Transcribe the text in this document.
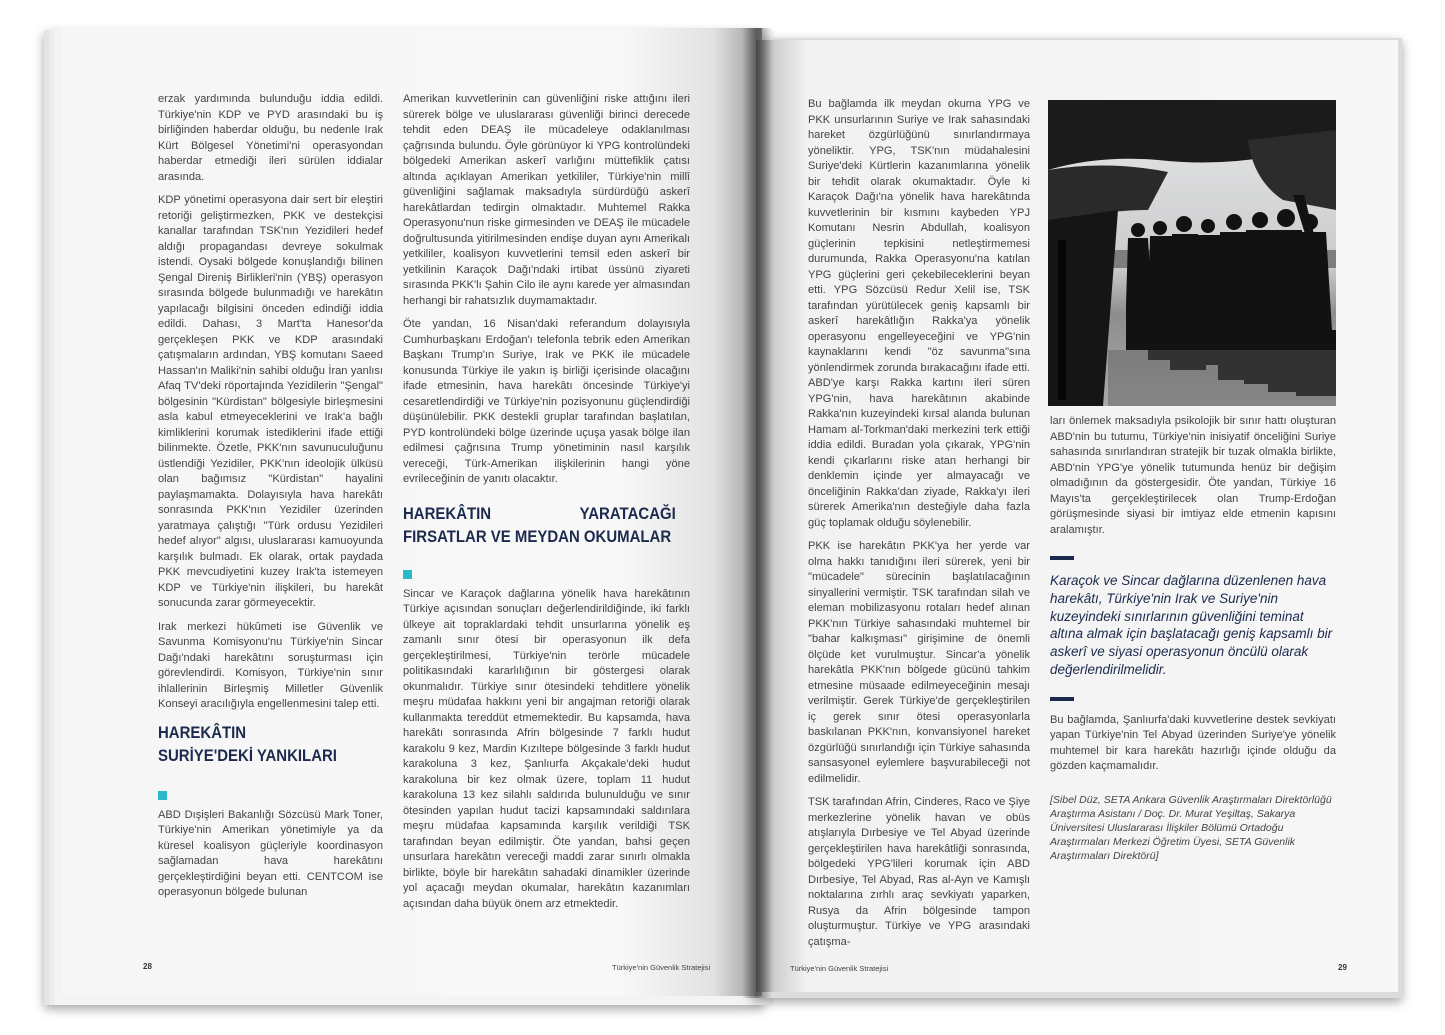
erzak yardımında bulunduğu iddia edildi. Türkiye'nin KDP ve PYD arasındaki bu iş birliğinden haberdar olduğu, bu nedenle Irak Kürt Bölgesel Yönetimi'ni operasyondan haberdar etmediği ileri sürülen iddialar arasında.

KDP yönetimi operasyona dair sert bir eleştiri retoriği geliştirmezken, PKK ve destekçisi kanallar tarafından TSK'nın Yezidileri hedef aldığı propagandası devreye sokulmak istendi. Oysaki bölgede konuşlandığı bilinen Şengal Direniş Birlikleri'nin (YBŞ) operasyon sırasında bölgede bulunmadığı ve harekâtın yapılacağı bilgisini önceden edindiği iddia edildi. Dahası, 3 Mart'ta Hanesor'da gerçekleşen PKK ve KDP arasındaki çatışmaların ardından, YBŞ komutanı Saeed Hassan'ın Maliki'nin sahibi olduğu İran yanlısı Afaq TV'deki röportajında Yezidilerin "Şengal" bölgesinin "Kürdistan" bölgesiyle birleşmesini asla kabul etmeyeceklerini ve Irak'a bağlı kimliklerini korumak istediklerini ifade ettiği bilinmekte. Özetle, PKK'nın savunuculuğunu üstlendiği Yezidiler, PKK'nın ideolojik ülküsü olan bağımsız "Kürdistan" hayalini paylaşmamakta. Dolayısıyla hava harekâtı sonrasında PKK'nın Yezidiler üzerinden yaratmaya çalıştığı "Türk ordusu Yezidileri hedef alıyor" algısı, uluslararası kamuoyunda karşılık bulmadı. Ek olarak, ortak paydada PKK mevcudiyetini kuzey Irak'ta istemeyen KDP ve Türkiye'nin ilişkileri, bu harekât sonucunda zarar görmeyecektir.

Irak merkezi hükûmeti ise Güvenlik ve Savunma Komisyonu'nu Türkiye'nin Sincar Dağı'ndaki harekâtını soruşturması için görevlendirdi. Komisyon, Türkiye'nin sınır ihlallerinin Birleşmiş Milletler Güvenlik Konseyi aracılığıyla engellenmesini talep etti.

HAREKÂTIN SURİYE'DEKİ YANKILARI

ABD Dışişleri Bakanlığı Sözcüsü Mark Toner, Türkiye'nin Amerikan yönetimiyle ya da küresel koalisyon güçleriyle koordinasyon sağlamadan hava harekâtını gerçekleştirdiğini beyan etti. CENTCOM ise operasyonun bölgede bulunan

Amerikan kuvvetlerinin can güvenliğini riske attığını ileri sürerek bölge ve uluslararası güvenliği birinci derecede tehdit eden DEAŞ ile mücadeleye odaklanılması çağrısında bulundu. Öyle görünüyor ki YPG kontrolündeki bölgedeki Amerikan askerî varlığını müttefiklik çatısı altında açıklayan Amerikan yetkililer, Türkiye'nin millî güvenliğini sağlamak maksadıyla sürdürdüğü askerî harekâtlardan tedirgin olmaktadır. Muhtemel Rakka Operasyonu'nun riske girmesinden ve DEAŞ ile mücadele doğrultusunda yitirilmesinden endişe duyan aynı Amerikalı yetkililer, koalisyon kuvvetlerini temsil eden askerî bir yetkilinin Karaçok Dağı'ndaki irtibat üssünü ziyareti sırasında PKK'lı Şahin Cilo ile aynı karede yer almasından herhangi bir rahatsızlık duymamaktadır.

Öte yandan, 16 Nisan'daki referandum dolayısıyla Cumhurbaşkanı Erdoğan'ı telefonla tebrik eden Amerikan Başkanı Trump'ın Suriye, Irak ve PKK ile mücadele konusunda Türkiye ile yakın iş birliği içerisinde olacağını ifade etmesinin, hava harekâtı öncesinde Türkiye'yi cesaretlendirdiği ve Türkiye'nin pozisyonunu güçlendirdiği düşünülebilir. PKK destekli gruplar tarafından başlatılan, PYD kontrolündeki bölge üzerinde uçuşa yasak bölge ilan edilmesi çağrısına Trump yönetiminin nasıl karşılık vereceği, Türk-Amerikan ilişkilerinin hangi yöne evrileceğinin de yanıtı olacaktır.

HAREKÂTIN YARATACAĞI FIRSATLAR VE MEYDAN OKUMALAR

Sincar ve Karaçok dağlarına yönelik hava harekâtının Türkiye açısından sonuçları değerlendirildiğinde, iki farklı ülkeye ait topraklardaki tehdit unsurlarına yönelik eş zamanlı sınır ötesi bir operasyonun ilk defa gerçekleştirilmesi, Türkiye'nin terörle mücadele politikasındaki kararlılığının bir göstergesi olarak okunmalıdır. Türkiye sınır ötesindeki tehditlere yönelik meşru müdafaa hakkını yeni bir angajman retoriği olarak kullanmakta tereddüt etmemektedir. Bu kapsamda, hava harekâtı sonrasında Afrin bölgesinde 7 farklı hudut karakolu 9 kez, Mardin Kızıltepe bölgesinde 3 farklı hudut karakoluna 3 kez, Şanlıurfa Akçakale'deki hudut karakoluna bir kez olmak üzere, toplam 11 hudut karakoluna 13 kez silahlı saldırıda bulunulduğu ve sınır ötesinden yapılan hudut tacizi kapsamındaki saldırılara meşru müdafaa kapsamında karşılık verildiği TSK tarafından beyan edilmiştir. Öte yandan, bahsi geçen unsurlara harekâtın vereceği maddi zarar sınırlı olmakla birlikte, böyle bir harekâtın sahadaki dinamikler üzerinde yol açacağı meydan okumalar, harekâtın kazanımları açısından daha büyük önem arz etmektedir.

28	Türkiye'nin Güvenlik Stratejisi

Bu bağlamda ilk meydan okuma YPG ve PKK unsurlarının Suriye ve Irak sahasındaki hareket özgürlüğünü sınırlandırmaya yöneliktir. YPG, TSK'nın müdahalesini Suriye'deki Kürtlerin kazanımlarına yönelik bir tehdit olarak okumaktadır. Öyle ki Karaçok Dağı'na yönelik hava harekâtında kuvvetlerinin bir kısmını kaybeden YPJ Komutanı Nesrin Abdullah, koalisyon güçlerinin tepkisini netleştirmemesi durumunda, Rakka Operasyonu'na katılan YPG güçlerini geri çekebileceklerini beyan etti. YPG Sözcüsü Redur Xelil ise, TSK tarafından yürütülecek geniş kapsamlı bir askerî harekâtlığın Rakka'ya yönelik operasyonu engelleyeceğini ve YPG'nin kaynaklarını kendi "öz savunma"sına yönlendirmek zorunda bırakacağını ifade etti. ABD'ye karşı Rakka kartını ileri süren YPG'nin, hava harekâtının akabinde Rakka'nın kuzeyindeki kırsal alanda bulunan Hamam al-Torkman'daki merkezini terk ettiği iddia edildi. Buradan yola çıkarak, YPG'nin kendi çıkarlarını riske atan herhangi bir denklemin içinde yer almayacağı ve önceliğinin Rakka'dan ziyade, Rakka'yı ileri sürerek Amerika'nın desteğiyle daha fazla güç toplamak olduğu söylenebilir.

PKK ise harekâtın PKK'ya her yerde var olma hakkı tanıdığını ileri sürerek, yeni bir "mücadele" sürecinin başlatılacağının sinyallerini vermiştir. TSK tarafından silah ve eleman mobilizasyonu rotaları hedef alınan PKK'nın Türkiye sahasındaki muhtemel bir "bahar kalkışması" girişimine de önemli ölçüde ket vurulmuştur. Sincar'a yönelik harekâtla PKK'nın bölgede gücünü tahkim etmesine müsaade edilmeyeceğinin mesajı verilmiştir. Gerek Türkiye'de gerçekleştirilen iç gerek sınır ötesi operasyonlarla baskılanan PKK'nın, konvansiyonel hareket özgürlüğü sınırlandığı için Türkiye sahasında sansasyonel eylemlere başvurabileceği not edilmelidir.

TSK tarafından Afrin, Cinderes, Raco ve Şiye merkezlerine yönelik havan ve obüs atışlarıyla Dırbesiye ve Tel Abyad üzerinde gerçekleştirilen hava harekâtliği sonrasında, bölgedeki YPG'lileri korumak için ABD Dırbesiye, Tel Abyad, Ras al-Ayn ve Kamışlı noktalarına zırhlı araç sevkiyatı yaparken, Rusya da Afrin bölgesinde tampon oluşturmuştur. Türkiye ve YPG arasındaki çatışma-

ları önlemek maksadıyla psikolojik bir sınır hattı oluşturan ABD'nin bu tutumu, Türkiye'nin inisiyatif önceliğini Suriye sahasında sınırlandıran stratejik bir tuzak olmakla birlikte, ABD'nin YPG'ye yönelik tutumunda henüz bir değişim olmadığının da göstergesidir. Öte yandan, Türkiye 16 Mayıs'ta gerçekleştirilecek olan Trump-Erdoğan görüşmesinde siyasi bir imtiyaz elde etmenin kapısını aralamıştır.

Karaçok ve Sincar dağlarına düzenlenen hava harekâtı, Türkiye'nin Irak ve Suriye'nin kuzeyindeki sınırlarının güvenliğini teminat altına almak için başlatacağı geniş kapsamlı bir askerî ve siyasi operasyonun öncülü olarak değerlendirilmelidir.

Bu bağlamda, Şanlıurfa'daki kuvvetlerine destek sevkiyatı yapan Türkiye'nin Tel Abyad üzerinden Suriye'ye yönelik muhtemel bir kara harekâtı hazırlığı içinde olduğu da gözden kaçmamalıdır.

[Sibel Düz, SETA Ankara Güvenlik Araştırmaları Direktörlüğü Araştırma Asistanı / Doç. Dr. Murat Yeşiltaş, Sakarya Üniversitesi Uluslararası İlişkiler Bölümü Ortadoğu Araştırmaları Merkezi Öğretim Üyesi, SETA Güvenlik Araştırmaları Direktörü]

Türkiye'nin Güvenlik Stratejisi	29
